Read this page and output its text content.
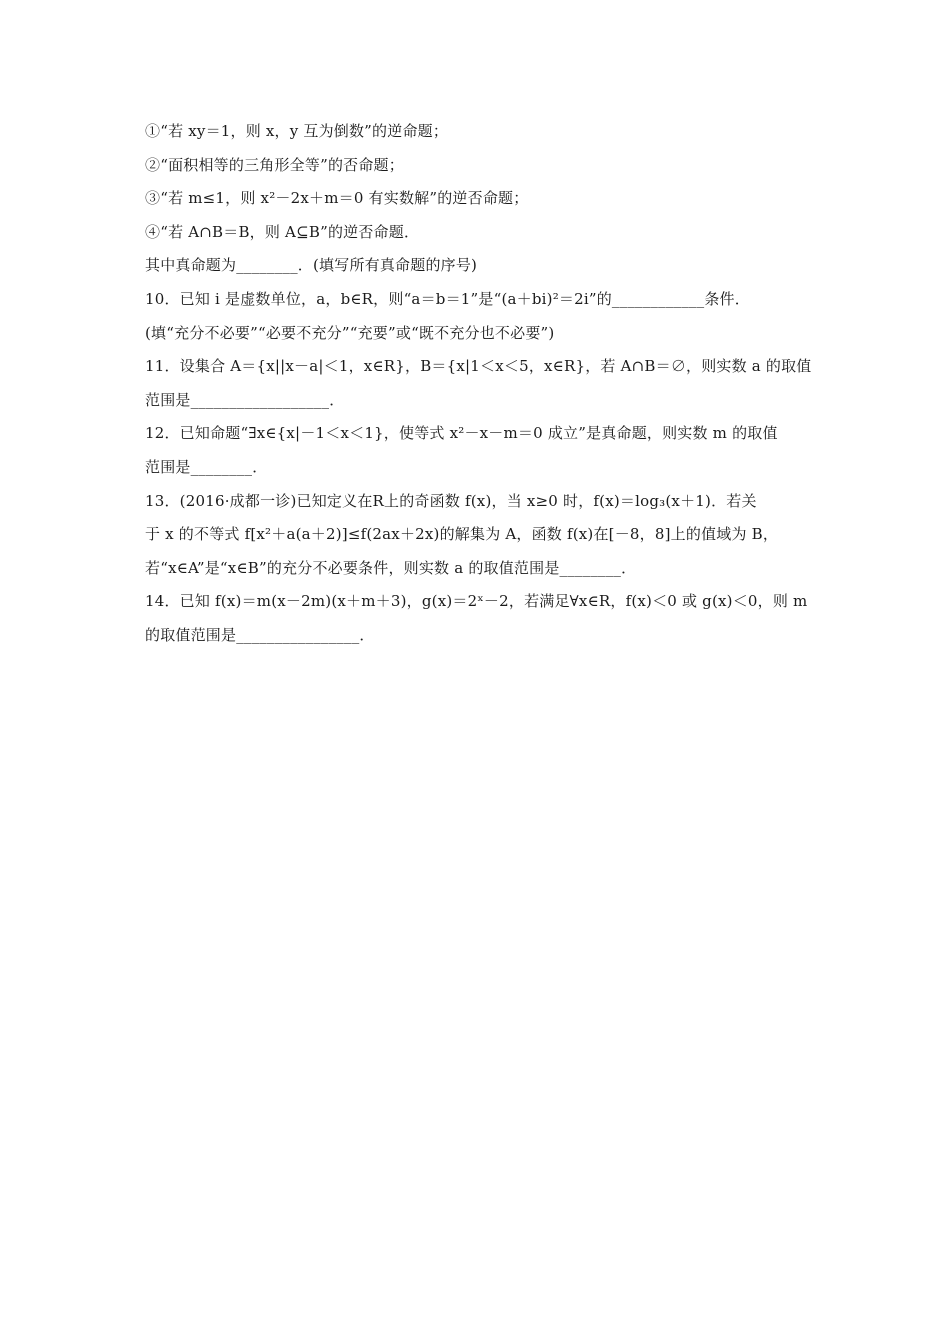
①“若 xy＝1，则 x，y 互为倒数”的逆命题；
②“面积相等的三角形全等”的否命题；
③“若 m≤1，则 x²－2x＋m＝0 有实数解”的逆否命题；
④“若 A∩B＝B，则 A⊆B”的逆否命题．
其中真命题为________．(填写所有真命题的序号)
10．已知 i 是虚数单位，a，b∈R，则“a＝b＝1”是“(a＋bi)²＝2i”的____________条件．
(填“充分不必要”“必要不充分”“充要”或“既不充分也不必要”)
11．设集合 A＝{x||x－a|＜1，x∈R}，B＝{x|1＜x＜5，x∈R}，若 A∩B＝∅，则实数 a 的取值
范围是__________________．
12．已知命题“∃x∈{x|－1＜x＜1}，使等式 x²－x－m＝0 成立”是真命题，则实数 m 的取值
范围是________．
13．(2016·成都一诊)已知定义在R上的奇函数 f(x)，当 x≥0 时，f(x)＝log₃(x＋1)．若关
于 x 的不等式 f[x²＋a(a＋2)]≤f(2ax＋2x)的解集为 A，函数 f(x)在[－8，8]上的值域为 B，
若“x∈A”是“x∈B”的充分不必要条件，则实数 a 的取值范围是________．
14．已知 f(x)＝m(x－2m)(x＋m＋3)，g(x)＝2ˣ－2，若满足∀x∈R，f(x)＜0 或 g(x)＜0，则 m
的取值范围是________________．
